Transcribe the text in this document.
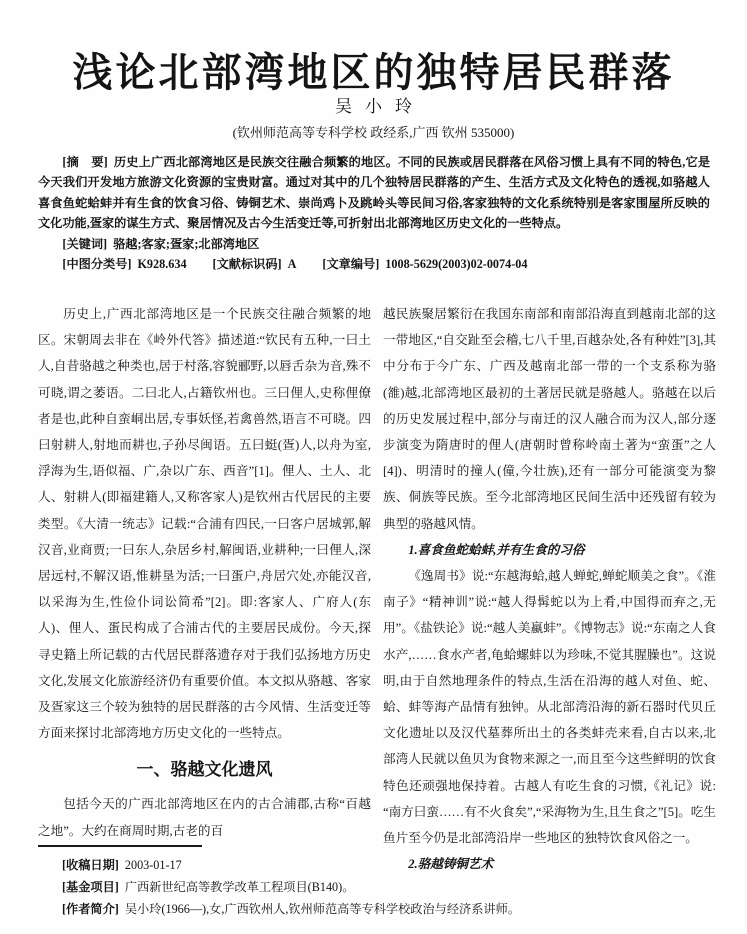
浅论北部湾地区的独特居民群落
吴小玲
(钦州师范高等专科学校 政经系,广西 钦州 535000)

[摘　要] 历史上广西北部湾地区是民族交往融合频繁的地区。不同的民族或居民群落在风俗习惯上具有不同的特色,它是今天我们开发地方旅游文化资源的宝贵财富。通过对其中的几个独特居民群落的产生、生活方式及文化特色的透视,如骆越人喜食鱼蛇蛤蚌并有生食的饮食习俗、铸铜艺术、崇尚鸡卜及跳岭头等民间习俗,客家独特的文化系统特别是客家围屋所反映的文化功能,疍家的谋生方式、聚居情况及古今生活变迁等,可折射出北部湾地区历史文化的一些特点。

[关键词] 骆越;客家;疍家;北部湾地区

[中图分类号] K928.634 [文献标识码] A [文章编号] 1008-5629(2003)02-0074-04

历史上,广西北部湾地区是一个民族交往融合频繁的地区。宋朝周去非在《岭外代答》描述道:“钦民有五种,一曰土人,自昔骆越之种类也,居于村落,容貌郦野,以唇舌杂为音,殊不可晓,谓之萎语。二曰北人,占籍钦州也。三曰俚人,史称俚僚者是也,此种自蛮峒出居,专事妖怪,若禽兽然,语言不可晓。四曰射耕人,射地而耕也,子孙尽闽语。五曰蜓(疍)人,以舟为室,浮海为生,语似福、广,杂以广东、西音”[1]。俚人、土人、北人、射耕人(即福建籍人,又称客家人)是钦州古代居民的主要类型。《大清一统志》记载:“合浦有四民,一曰客户居城郭,解汉音,业商贾;一曰东人,杂居乡村,解闽语,业耕种;一曰俚人,深居远村,不解汉语,惟耕垦为活;一曰蛋户,舟居穴处,亦能汉音,以采海为生,性俭仆词讼简希”[2]。即:客家人、广府人(东人)、俚人、蛋民构成了合浦古代的主要居民成份。今天,探寻史籍上所记载的古代居民群落遗存对于我们弘扬地方历史文化,发展文化旅游经济仍有重要价值。本文拟从骆越、客家及疍家这三个较为独特的居民群落的古今风情、生活变迁等方面来探讨北部湾地方历史文化的一些特点。

一、骆越文化遗风

包括今天的广西北部湾地区在内的古合浦郡,古称“百越之地”。大约在商周时期,古老的百

越民族聚居繁衍在我国东南部和南部沿海直到越南北部的这一带地区,“自交趾至会稽,七八千里,百越杂处,各有种姓”[3],其中分布于今广东、广西及越南北部一带的一个支系称为骆(雒)越,北部湾地区最初的土著居民就是骆越人。骆越在以后的历史发展过程中,部分与南迁的汉人融合而为汉人,部分逐步演变为隋唐时的俚人(唐朝时曾称岭南土著为“蛮蛋”之人[4])、明清时的撞人(僮,今壮族),还有一部分可能演变为黎族、侗族等民族。至今北部湾地区民间生活中还残留有较为典型的骆越风情。

1.喜食鱼蛇蛤蚌,并有生食的习俗

《逸周书》说:“东越海蛤,越人蝉蛇,蝉蛇顺美之食”。《淮南子》“精神训”说:“越人得髯蛇以为上肴,中国得而弃之,无用”。《盐铁论》说:“越人美蠃蚌”。《博物志》说:“东南之人食水产,……食水产者,龟蛤螺蚌以为珍味,不觉其腥臊也”。这说明,由于自然地理条件的特点,生活在沿海的越人对鱼、蛇、蛤、蚌等海产品情有独钟。从北部湾沿海的新石器时代贝丘文化遗址以及汉代墓葬所出土的各类蚌壳来看,自古以来,北部湾人民就以鱼贝为食物来源之一,而且至今这些鲜明的饮食特色还顽强地保持着。古越人有吃生食的习惯,《礼记》说:“南方曰蛮……有不火食矣”,“采海物为生,且生食之”[5]。吃生鱼片至今仍是北部湾沿岸一些地区的独特饮食风俗之一。

2.骆越铸铜艺术

[收稿日期] 2003-01-17
[基金项目] 广西新世纪高等教学改革工程项目(B140)。
[作者简介] 吴小玲(1966—),女,广西钦州人,钦州师范高等专科学校政治与经济系讲师。
